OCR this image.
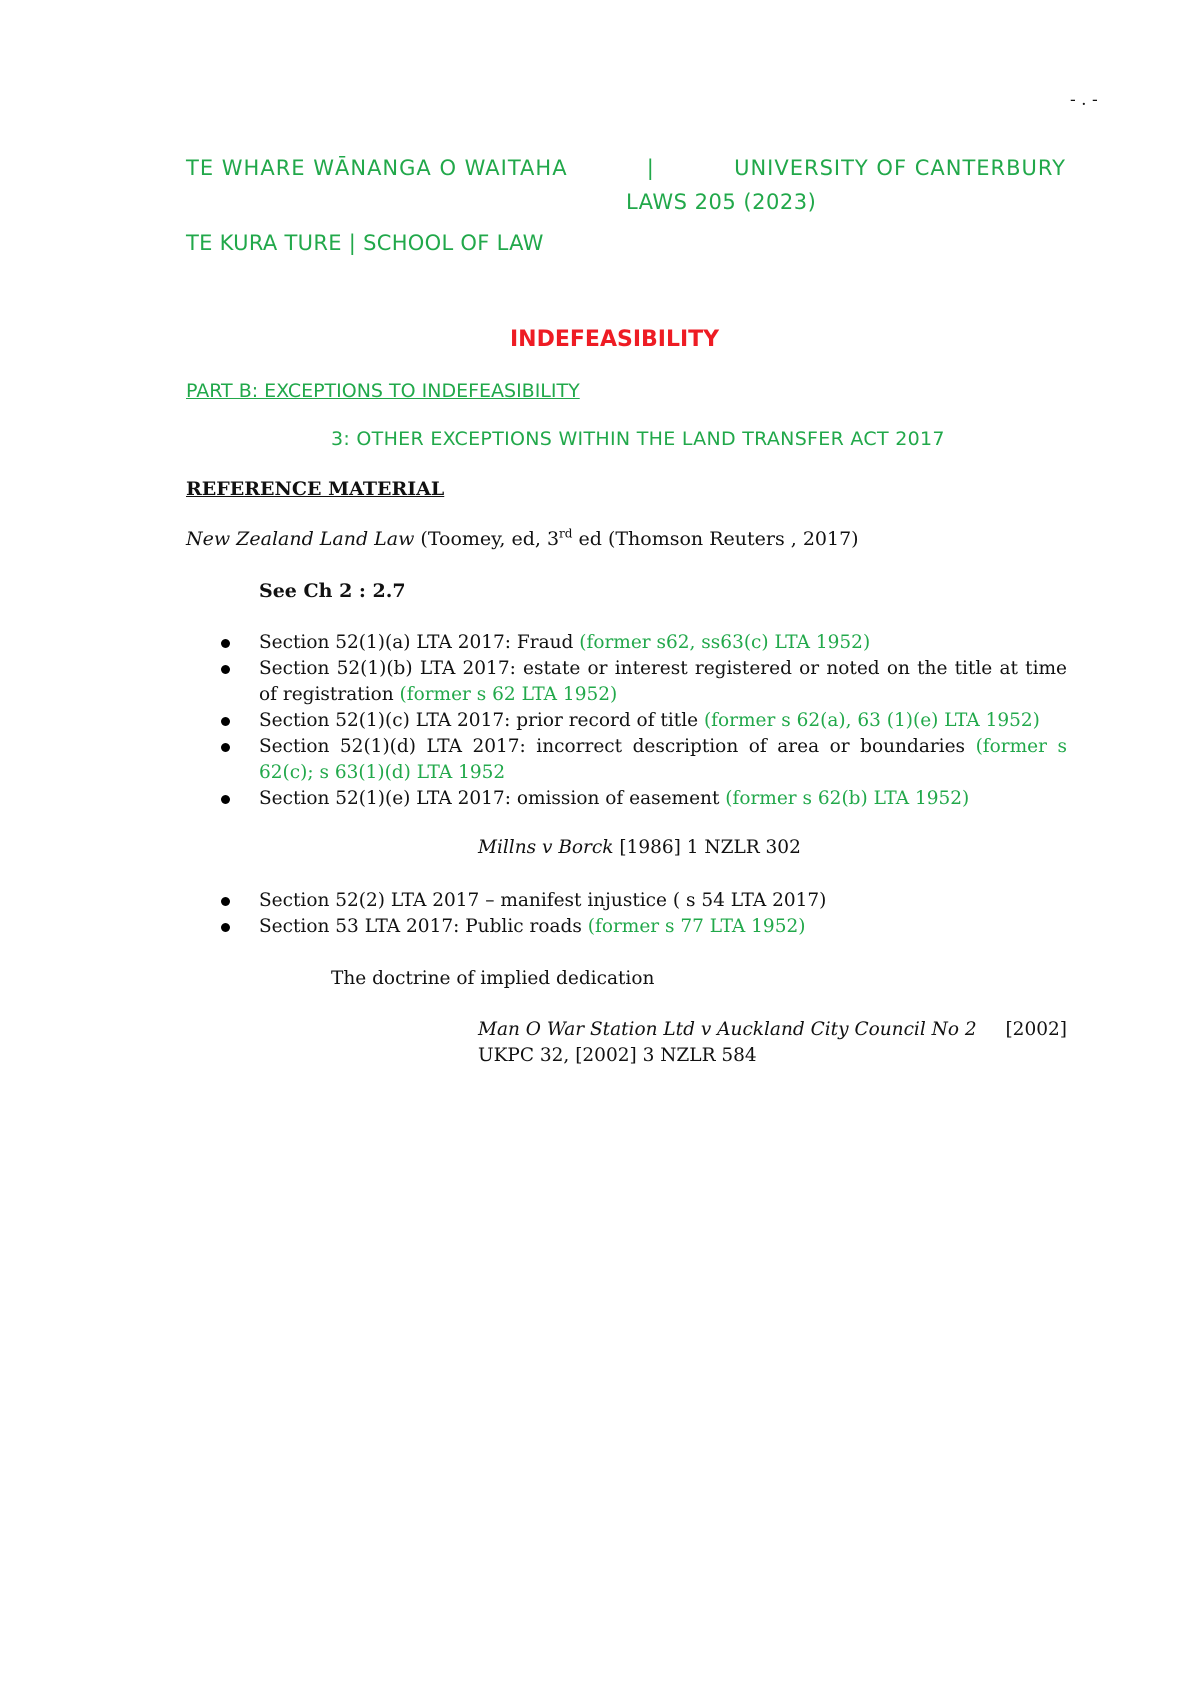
- . -
TE WHARE WĀNANGA O WAITAHA	|	UNIVERSITY OF CANTERBURY
LAWS 205 (2023)
TE KURA TURE | SCHOOL OF LAW
INDEFEASIBILITY
PART B: EXCEPTIONS TO INDEFEASIBILITY
3: OTHER EXCEPTIONS WITHIN THE LAND TRANSFER ACT 2017
REFERENCE MATERIAL
New Zealand Land Law (Toomey, ed, 3rd ed (Thomson Reuters , 2017)
See Ch 2 : 2.7
Section 52(1)(a) LTA 2017: Fraud (former s62, ss63(c) LTA 1952)
Section 52(1)(b) LTA 2017: estate or interest registered or noted on the title at time of registration (former s 62 LTA 1952)
Section 52(1)(c) LTA 2017: prior record of title (former s 62(a), 63 (1)(e) LTA 1952)
Section 52(1)(d) LTA 2017: incorrect description of area or boundaries (former s 62(c); s 63(1)(d) LTA 1952
Section 52(1)(e) LTA 2017: omission of easement (former s 62(b) LTA 1952)
Millns v Borck [1986] 1 NZLR 302
Section 52(2) LTA 2017 – manifest injustice ( s 54 LTA 2017)
Section 53 LTA 2017: Public roads (former s 77 LTA 1952)
The doctrine of implied dedication
Man O War Station Ltd v Auckland City Council No 2 [2002]
UKPC 32, [2002] 3 NZLR 584
